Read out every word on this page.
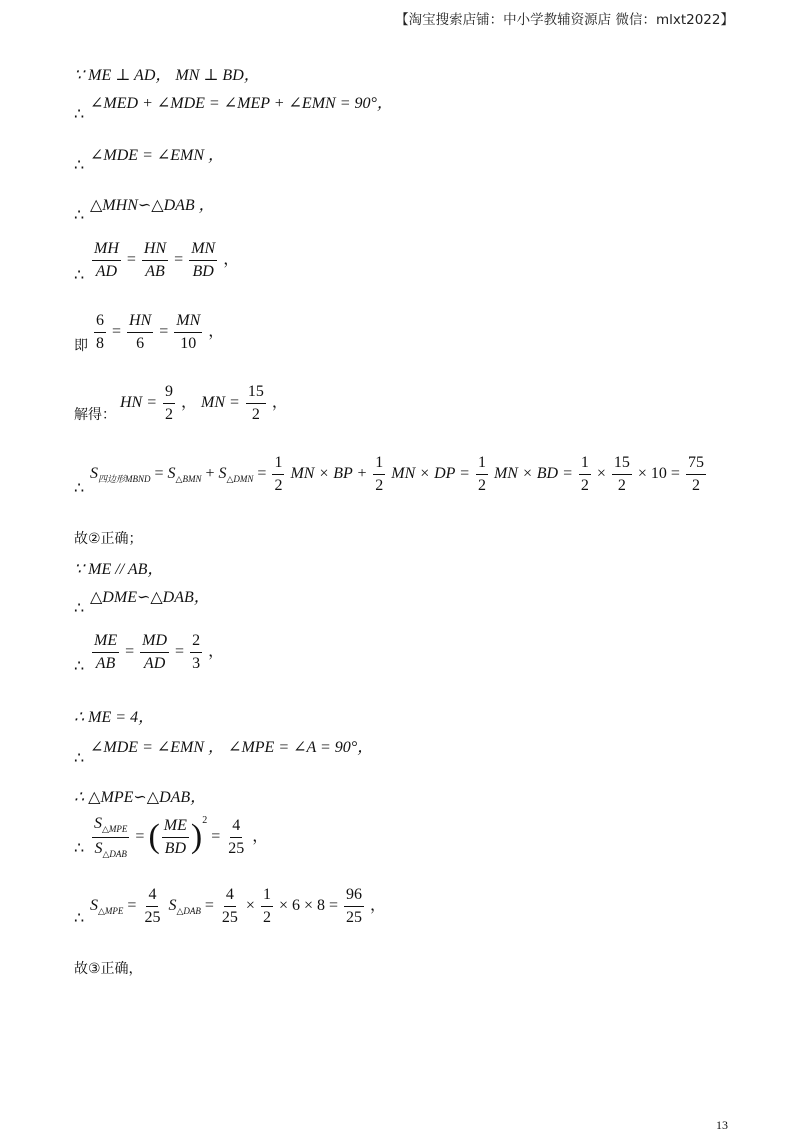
【淘宝搜索店铺：中小学教辅资源店 微信：mlxt2022】
∵ ME ⊥ AD， MN ⊥ BD，
∠MED + ∠MDE = ∠MEP + ∠EMN = 90°，
∴
∠MDE = ∠EMN ，
∴
△MHN∽△DAB ，
∴
$\frac{MH}{AD} = \frac{HN}{AB} = \frac{MN}{BD}$ ，
∴
即 $\frac{6}{8} = \frac{HN}{6} = \frac{MN}{10}$ ，
解得： HN = $\frac{9}{2}$ ， MN = $\frac{15}{2}$ ，
$S_{四边形MBND} = S_{\triangle BMN} + S_{\triangle DMN} = \frac{1}{2}$ MN × BP + $\frac{1}{2}$ MN × DP = $\frac{1}{2}$ MN × BD = $\frac{1}{2} \times \frac{15}{2} \times 10 = \frac{75}{2}$
∴
故②正确；
∵ ME // AB，
△DME∽△DAB，
∴
$\frac{ME}{AB} = \frac{MD}{AD} = \frac{2}{3}$ ，
∴
∴ ME = 4，
∠MDE = ∠EMN ， ∠MPE = ∠A = 90°，
∴
∴ △MPE∽△DAB，
$\frac{S_{\triangle MPE}}{S_{\triangle DAB}}$ = ( $\frac{ME}{BD} )^2 = \frac{4}{25}$ ，
∴
$S_{\triangle MPE} = \frac{4}{25} S_{\triangle DAB} = \frac{4}{25} \times \frac{1}{2} \times 6 \times 8 = \frac{96}{25}$ ，
∴
故③正确，
13
